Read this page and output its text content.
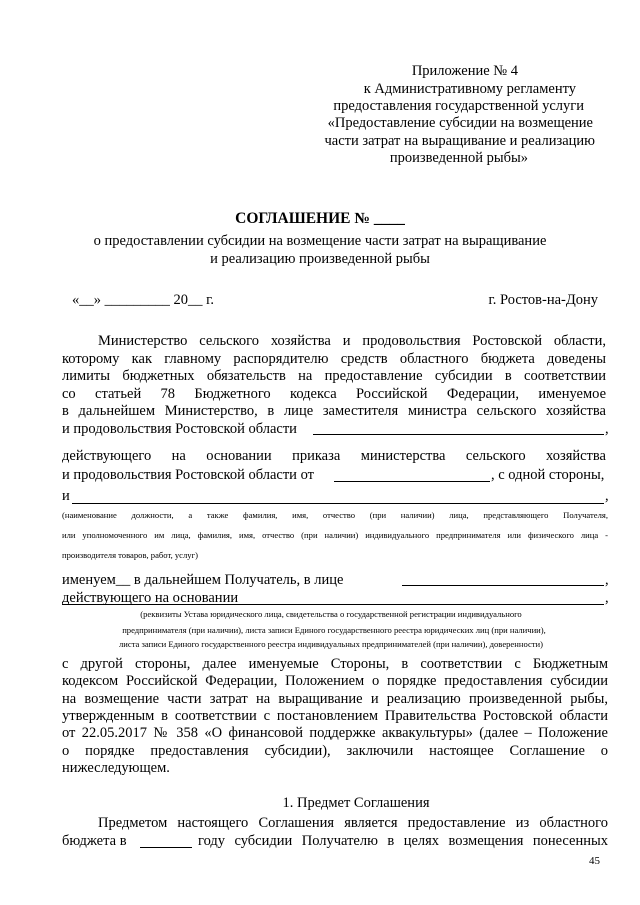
Приложение № 4
к Административному регламенту
предоставления государственной услуги
«Предоставление субсидии на возмещение
части затрат на выращивание и реализацию
произведенной рыбы»
СОГЛАШЕНИЕ № ____
о предоставлении субсидии на возмещение части затрат на выращивание
и реализацию произведенной рыбы
«__» _________ 20__ г.	г. Ростов-на-Дону
Министерство сельского хозяйства и продовольствия Ростовской области,
которому как главному распорядителю средств областного бюджета доведены
лимиты бюджетных обязательств на предоставление субсидии в соответствии
со статьей 78 Бюджетного кодекса Российской Федерации, именуемое
в дальнейшем Министерство, в лице заместителя министра сельского хозяйства
и продовольствия Ростовской области	,
действующего на основании приказа министерства сельского хозяйства
и продовольствия Ростовской области от	, с одной стороны,
и	,
(наименование должности, а также фамилия, имя, отчество (при наличии) лица, представляющего Получателя,
или уполномоченного им лица, фамилия, имя, отчество (при наличии) индивидуального предпринимателя или физического лица -
производителя товаров, работ, услуг)
именуем__ в дальнейшем Получатель, в лице	,
действующего на основании	,
(реквизиты Устава юридического лица, свидетельства о государственной регистрации индивидуального
предпринимателя (при наличии), листа записи Единого государственного реестра юридических лиц (при наличии),
листа записи Единого государственного реестра индивидуальных предпринимателей (при наличии), доверенности)
с другой стороны, далее именуемые Стороны, в соответствии с Бюджетным
кодексом Российской Федерации, Положением о порядке предоставления субсидии
на возмещение части затрат на выращивание и реализацию произведенной рыбы,
утвержденным в соответствии с постановлением Правительства Ростовской области
от 22.05.2017 № 358 «О финансовой поддержке аквакультуры» (далее – Положение
о порядке предоставления субсидии), заключили настоящее Соглашение о
нижеследующем.
1. Предмет Соглашения
Предметом настоящего Соглашения является предоставление из областного
бюджета в	году субсидии Получателю в целях возмещения понесенных
45
